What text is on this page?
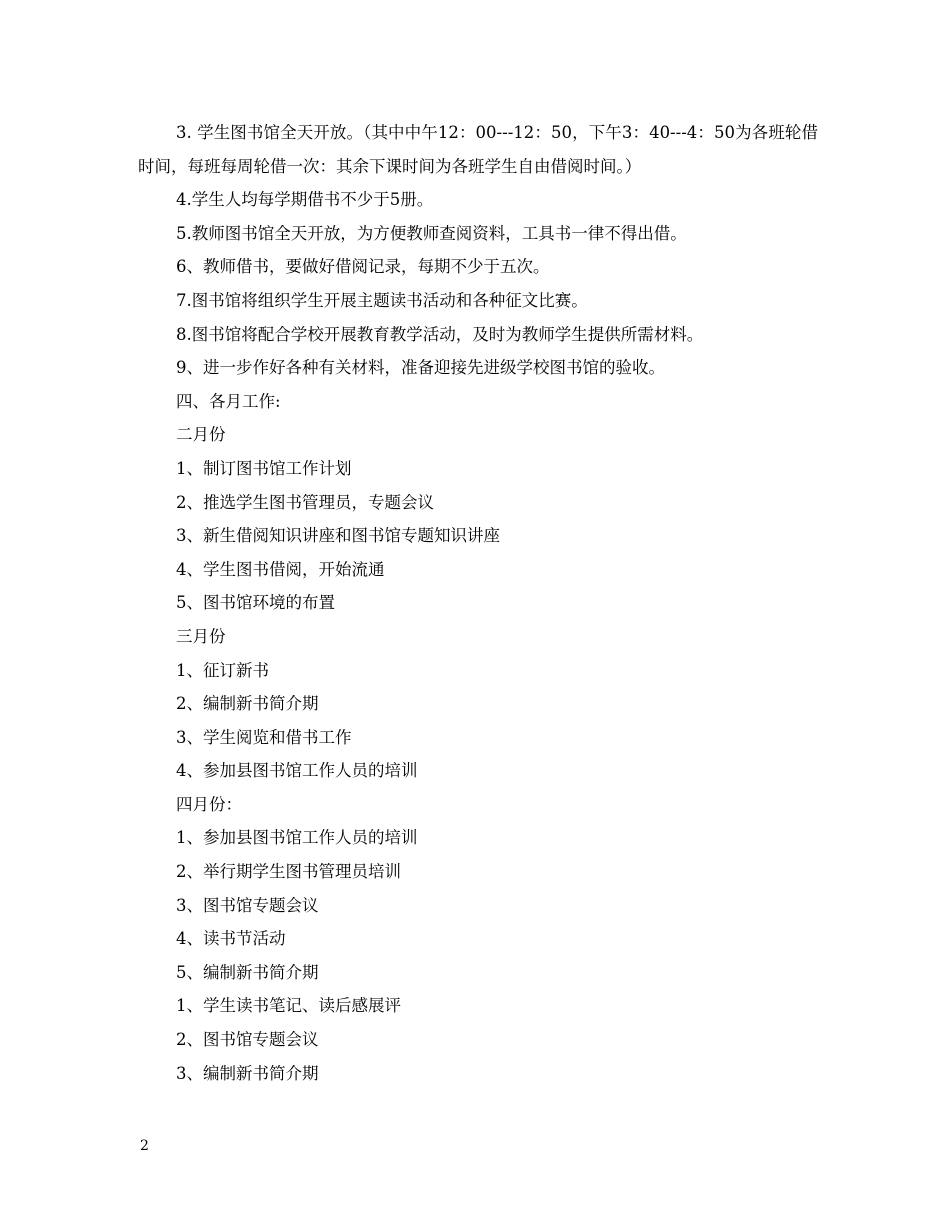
3. 学生图书馆全天开放。（其中中午12：00---12：50，下午3：40---4：50为各班轮借时间，每班每周轮借一次：其余下课时间为各班学生自由借阅时间。）

4.学生人均每学期借书不少于5册。

5.教师图书馆全天开放，为方便教师查阅资料，工具书一律不得出借。

6、教师借书，要做好借阅记录，每期不少于五次。

7.图书馆将组织学生开展主题读书活动和各种征文比赛。

8.图书馆将配合学校开展教育教学活动，及时为教师学生提供所需材料。

9、进一步作好各种有关材料，准备迎接先进级学校图书馆的验收。

四、各月工作:

二月份

1、制订图书馆工作计划

2、推选学生图书管理员，专题会议

3、新生借阅知识讲座和图书馆专题知识讲座

4、学生图书借阅，开始流通

5、图书馆环境的布置

三月份

1、征订新书

2、编制新书简介期

3、学生阅览和借书工作

4、参加县图书馆工作人员的培训

四月份：

1、参加县图书馆工作人员的培训

2、举行期学生图书管理员培训

3、图书馆专题会议

4、读书节活动

5、编制新书简介期

1、学生读书笔记、读后感展评

2、图书馆专题会议

3、编制新书简介期

2
